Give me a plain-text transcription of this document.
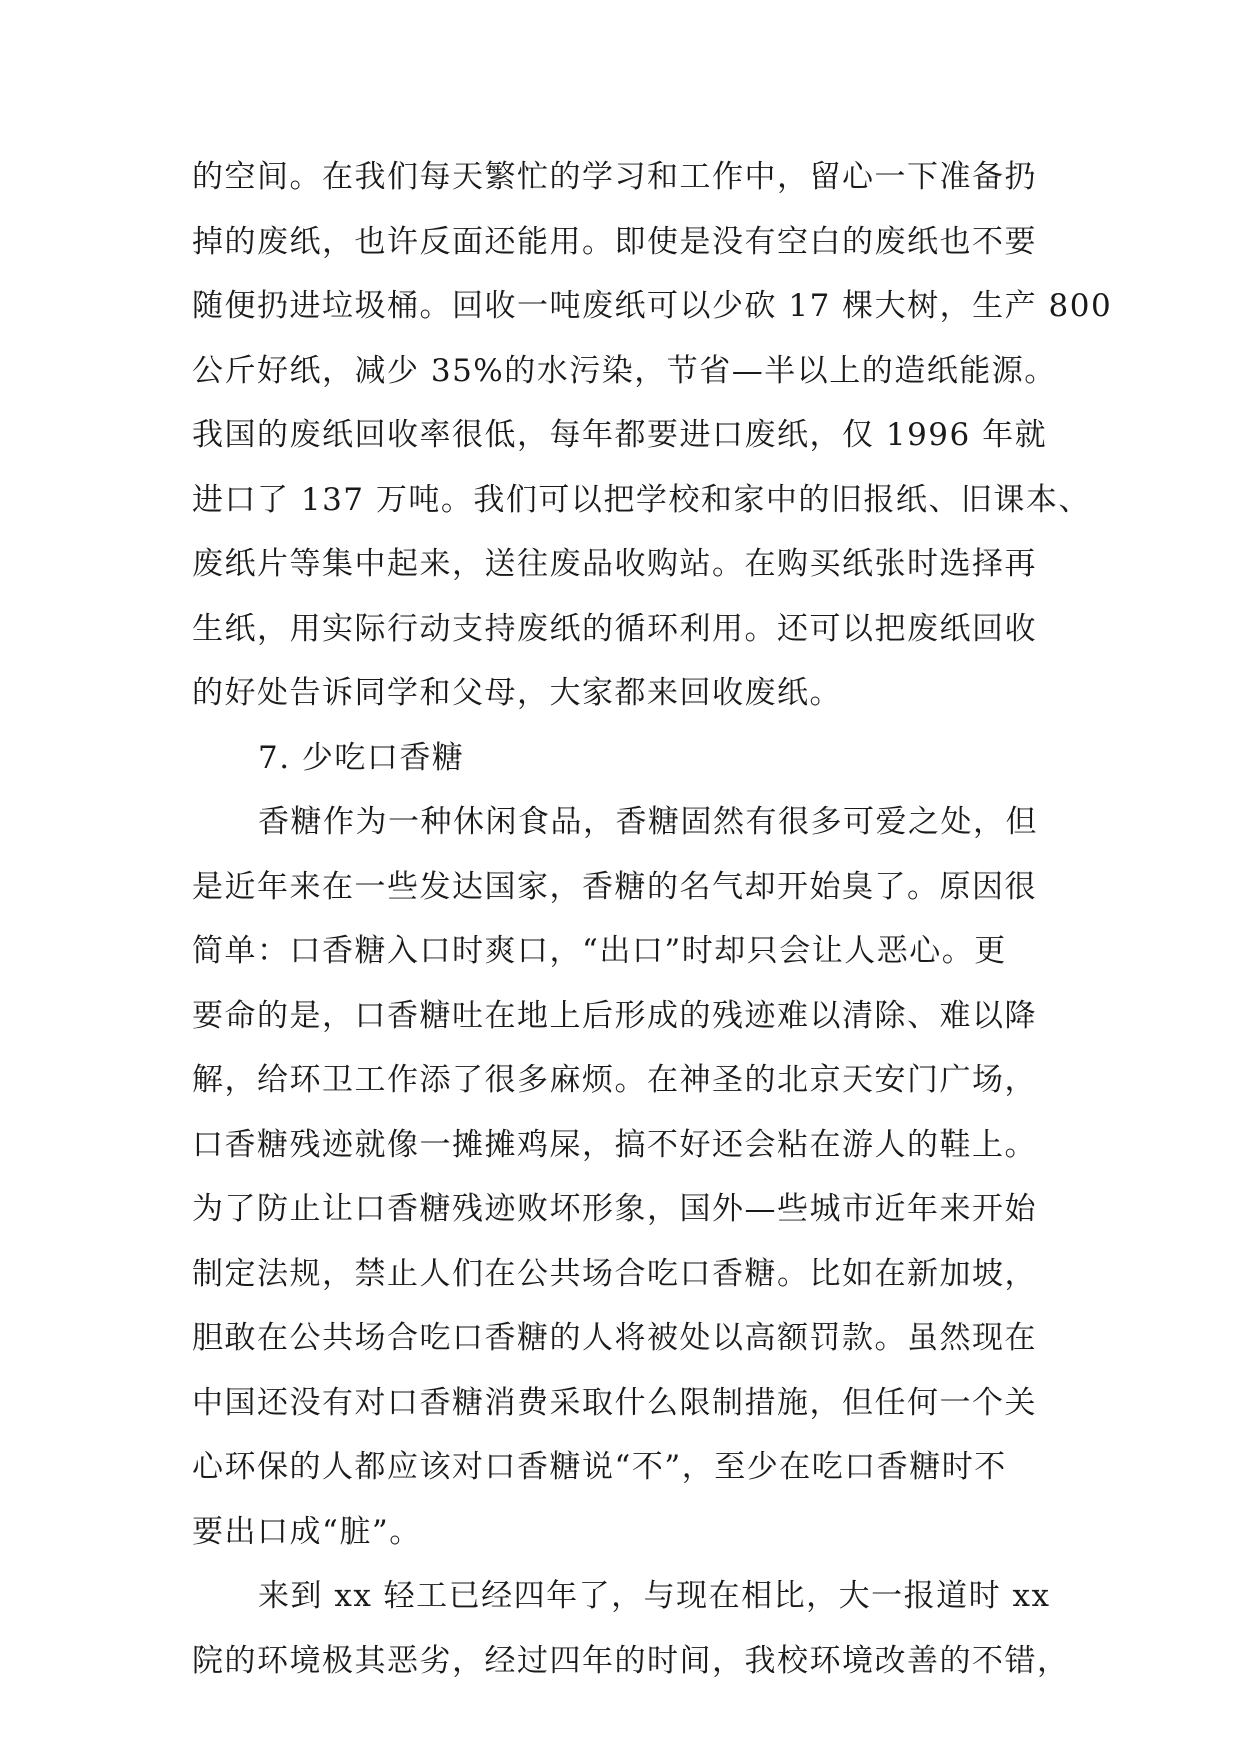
的空间。在我们每天繁忙的学习和工作中，留心一下准备扔
掉的废纸，也许反面还能用。即使是没有空白的废纸也不要
随便扔进垃圾桶。回收一吨废纸可以少砍 17 棵大树，生产 800
公斤好纸，减少 35%的水污染，节省—半以上的造纸能源。
我国的废纸回收率很低，每年都要进口废纸，仅 1996 年就
进口了 137 万吨。我们可以把学校和家中的旧报纸、旧课本、
废纸片等集中起来，送往废品收购站。在购买纸张时选择再
生纸，用实际行动支持废纸的循环利用。还可以把废纸回收
的好处告诉同学和父母，大家都来回收废纸。
7. 少吃口香糖
香糖作为一种休闲食品，香糖固然有很多可爱之处，但
是近年来在一些发达国家，香糖的名气却开始臭了。原因很
简单：口香糖入口时爽口，“出口”时却只会让人恶心。更
要命的是，口香糖吐在地上后形成的残迹难以清除、难以降
解，给环卫工作添了很多麻烦。在神圣的北京天安门广场，
口香糖残迹就像一摊摊鸡屎，搞不好还会粘在游人的鞋上。
为了防止让口香糖残迹败坏形象，国外—些城市近年来开始
制定法规，禁止人们在公共场合吃口香糖。比如在新加坡，
胆敢在公共场合吃口香糖的人将被处以高额罚款。虽然现在
中国还没有对口香糖消费采取什么限制措施，但任何一个关
心环保的人都应该对口香糖说“不”，至少在吃口香糖时不
要出口成“脏”。
来到 xx 轻工已经四年了，与现在相比，大一报道时 xx
院的环境极其恶劣，经过四年的时间，我校环境改善的不错，
